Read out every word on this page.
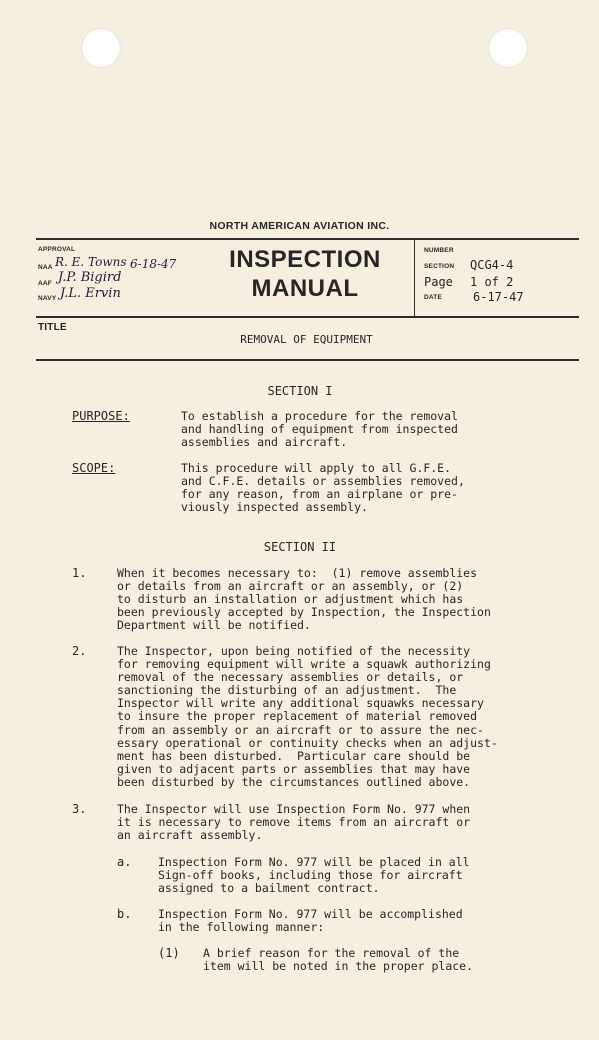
NORTH AMERICAN AVIATION INC.
APPROVAL
NAA R. E. Towns 6-18-47
AAF J.P. Bigird
NAVY J.L. Ervin
INSPECTION
MANUAL
NUMBER
SECTION QCG4-4
Page 1 of 2
DATE	6-17-47
TITLE
REMOVAL OF EQUIPMENT
SECTION I
PURPOSE:	To establish a procedure for the removal
and handling of equipment from inspected
assemblies and aircraft.
SCOPE:	This procedure will apply to all G.F.E.
and C.F.E. details or assemblies removed,
for any reason, from an airplane or pre-
viously inspected assembly.
SECTION II
1.	When it becomes necessary to:  (1) remove assemblies
or details from an aircraft or an assembly, or (2)
to disturb an installation or adjustment which has
been previously accepted by Inspection, the Inspection
Department will be notified.
2.	The Inspector, upon being notified of the necessity
for removing equipment will write a squawk authorizing
removal of the necessary assemblies or details, or
sanctioning the disturbing of an adjustment.  The
Inspector will write any additional squawks necessary
to insure the proper replacement of material removed
from an assembly or an aircraft or to assure the nec-
essary operational or continuity checks when an adjust-
ment has been disturbed.  Particular care should be
given to adjacent parts or assemblies that may have
been disturbed by the circumstances outlined above.
3.	The Inspector will use Inspection Form No. 977 when
it is necessary to remove items from an aircraft or
an aircraft assembly.
a. Inspection Form No. 977 will be placed in all
Sign-off books, including those for aircraft
assigned to a bailment contract.
b. Inspection Form No. 977 will be accomplished
in the following manner:
(1) A brief reason for the removal of the
item will be noted in the proper place.
